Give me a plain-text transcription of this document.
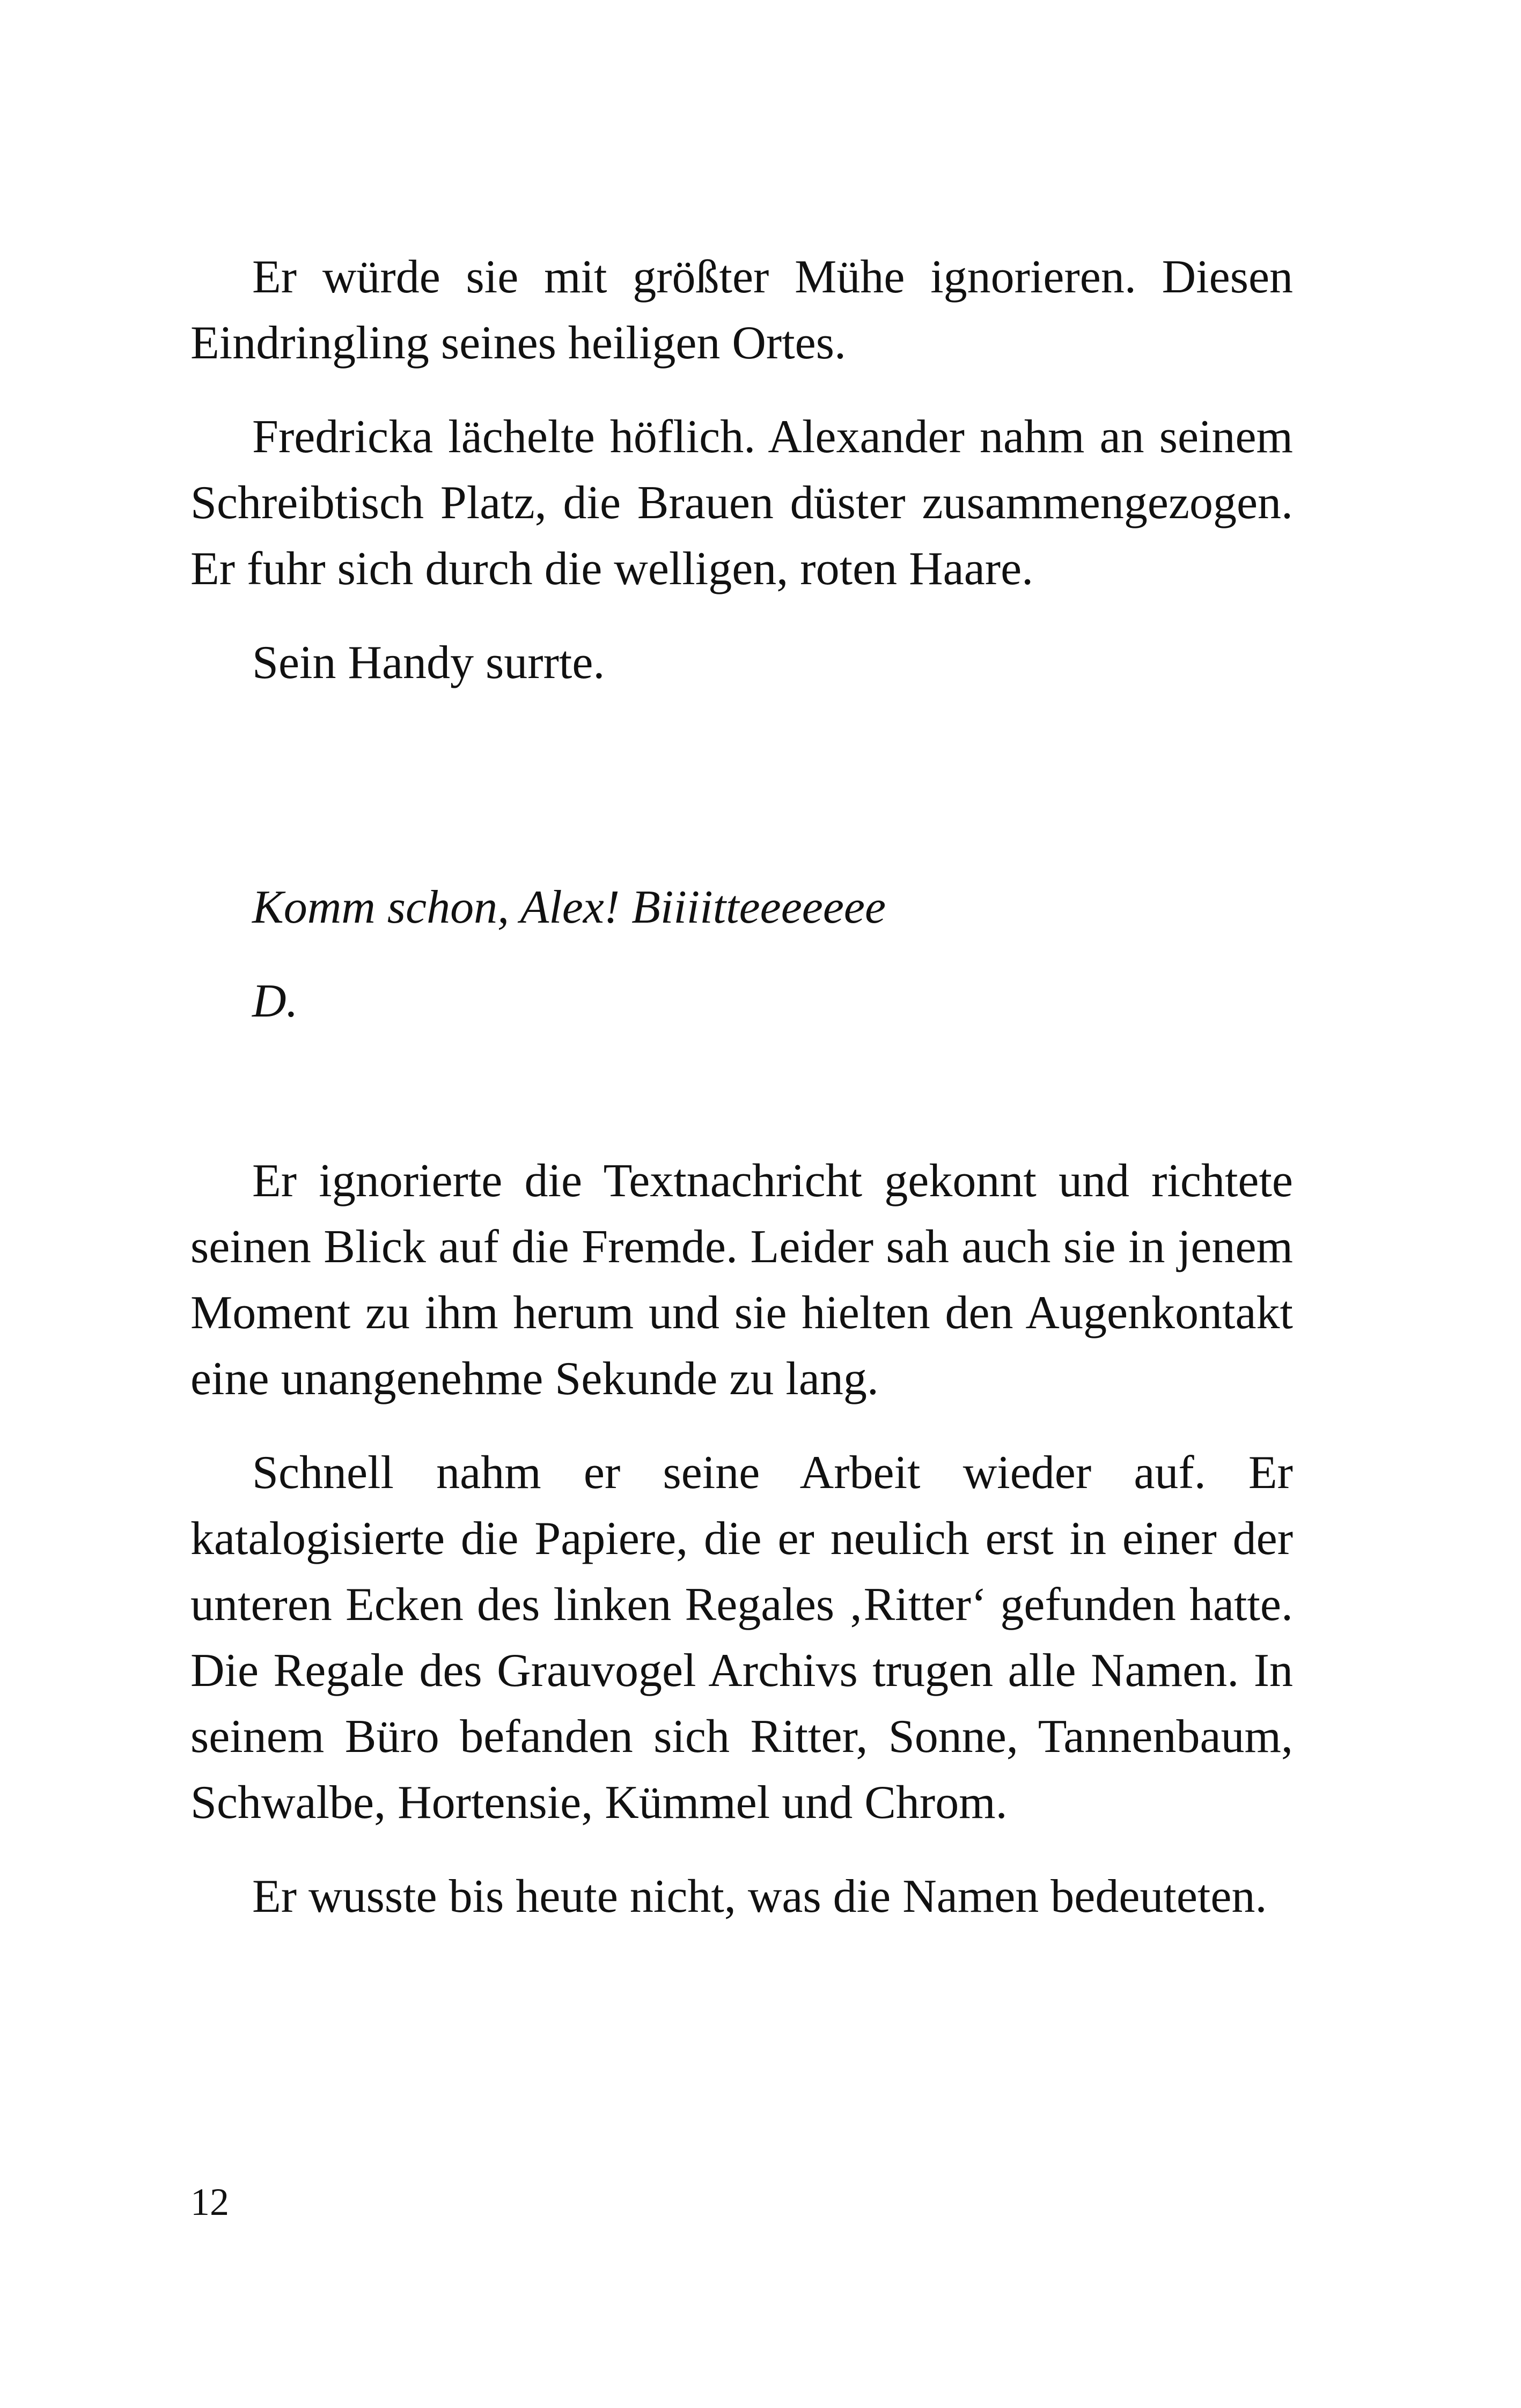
Er würde sie mit größter Mühe ignorieren. Diesen Eindringling seines heiligen Ortes.

Fredricka lächelte höflich. Alexander nahm an seinem Schreibtisch Platz, die Brauen düster zusammengezogen. Er fuhr sich durch die welligen, roten Haare.

Sein Handy surrte.

Komm schon, Alex! Biiiitteeeeeee

D.

Er ignorierte die Textnachricht gekonnt und richtete seinen Blick auf die Fremde. Leider sah auch sie in jenem Moment zu ihm herum und sie hielten den Augenkontakt eine unangenehme Sekunde zu lang.

Schnell nahm er seine Arbeit wieder auf. Er katalogisierte die Papiere, die er neulich erst in einer der unteren Ecken des linken Regales ‚Ritter‘ gefunden hatte. Die Regale des Grauvogel Archivs trugen alle Namen. In seinem Büro befanden sich Ritter, Sonne, Tannenbaum, Schwalbe, Hortensie, Kümmel und Chrom.

Er wusste bis heute nicht, was die Namen bedeuteten.

12
